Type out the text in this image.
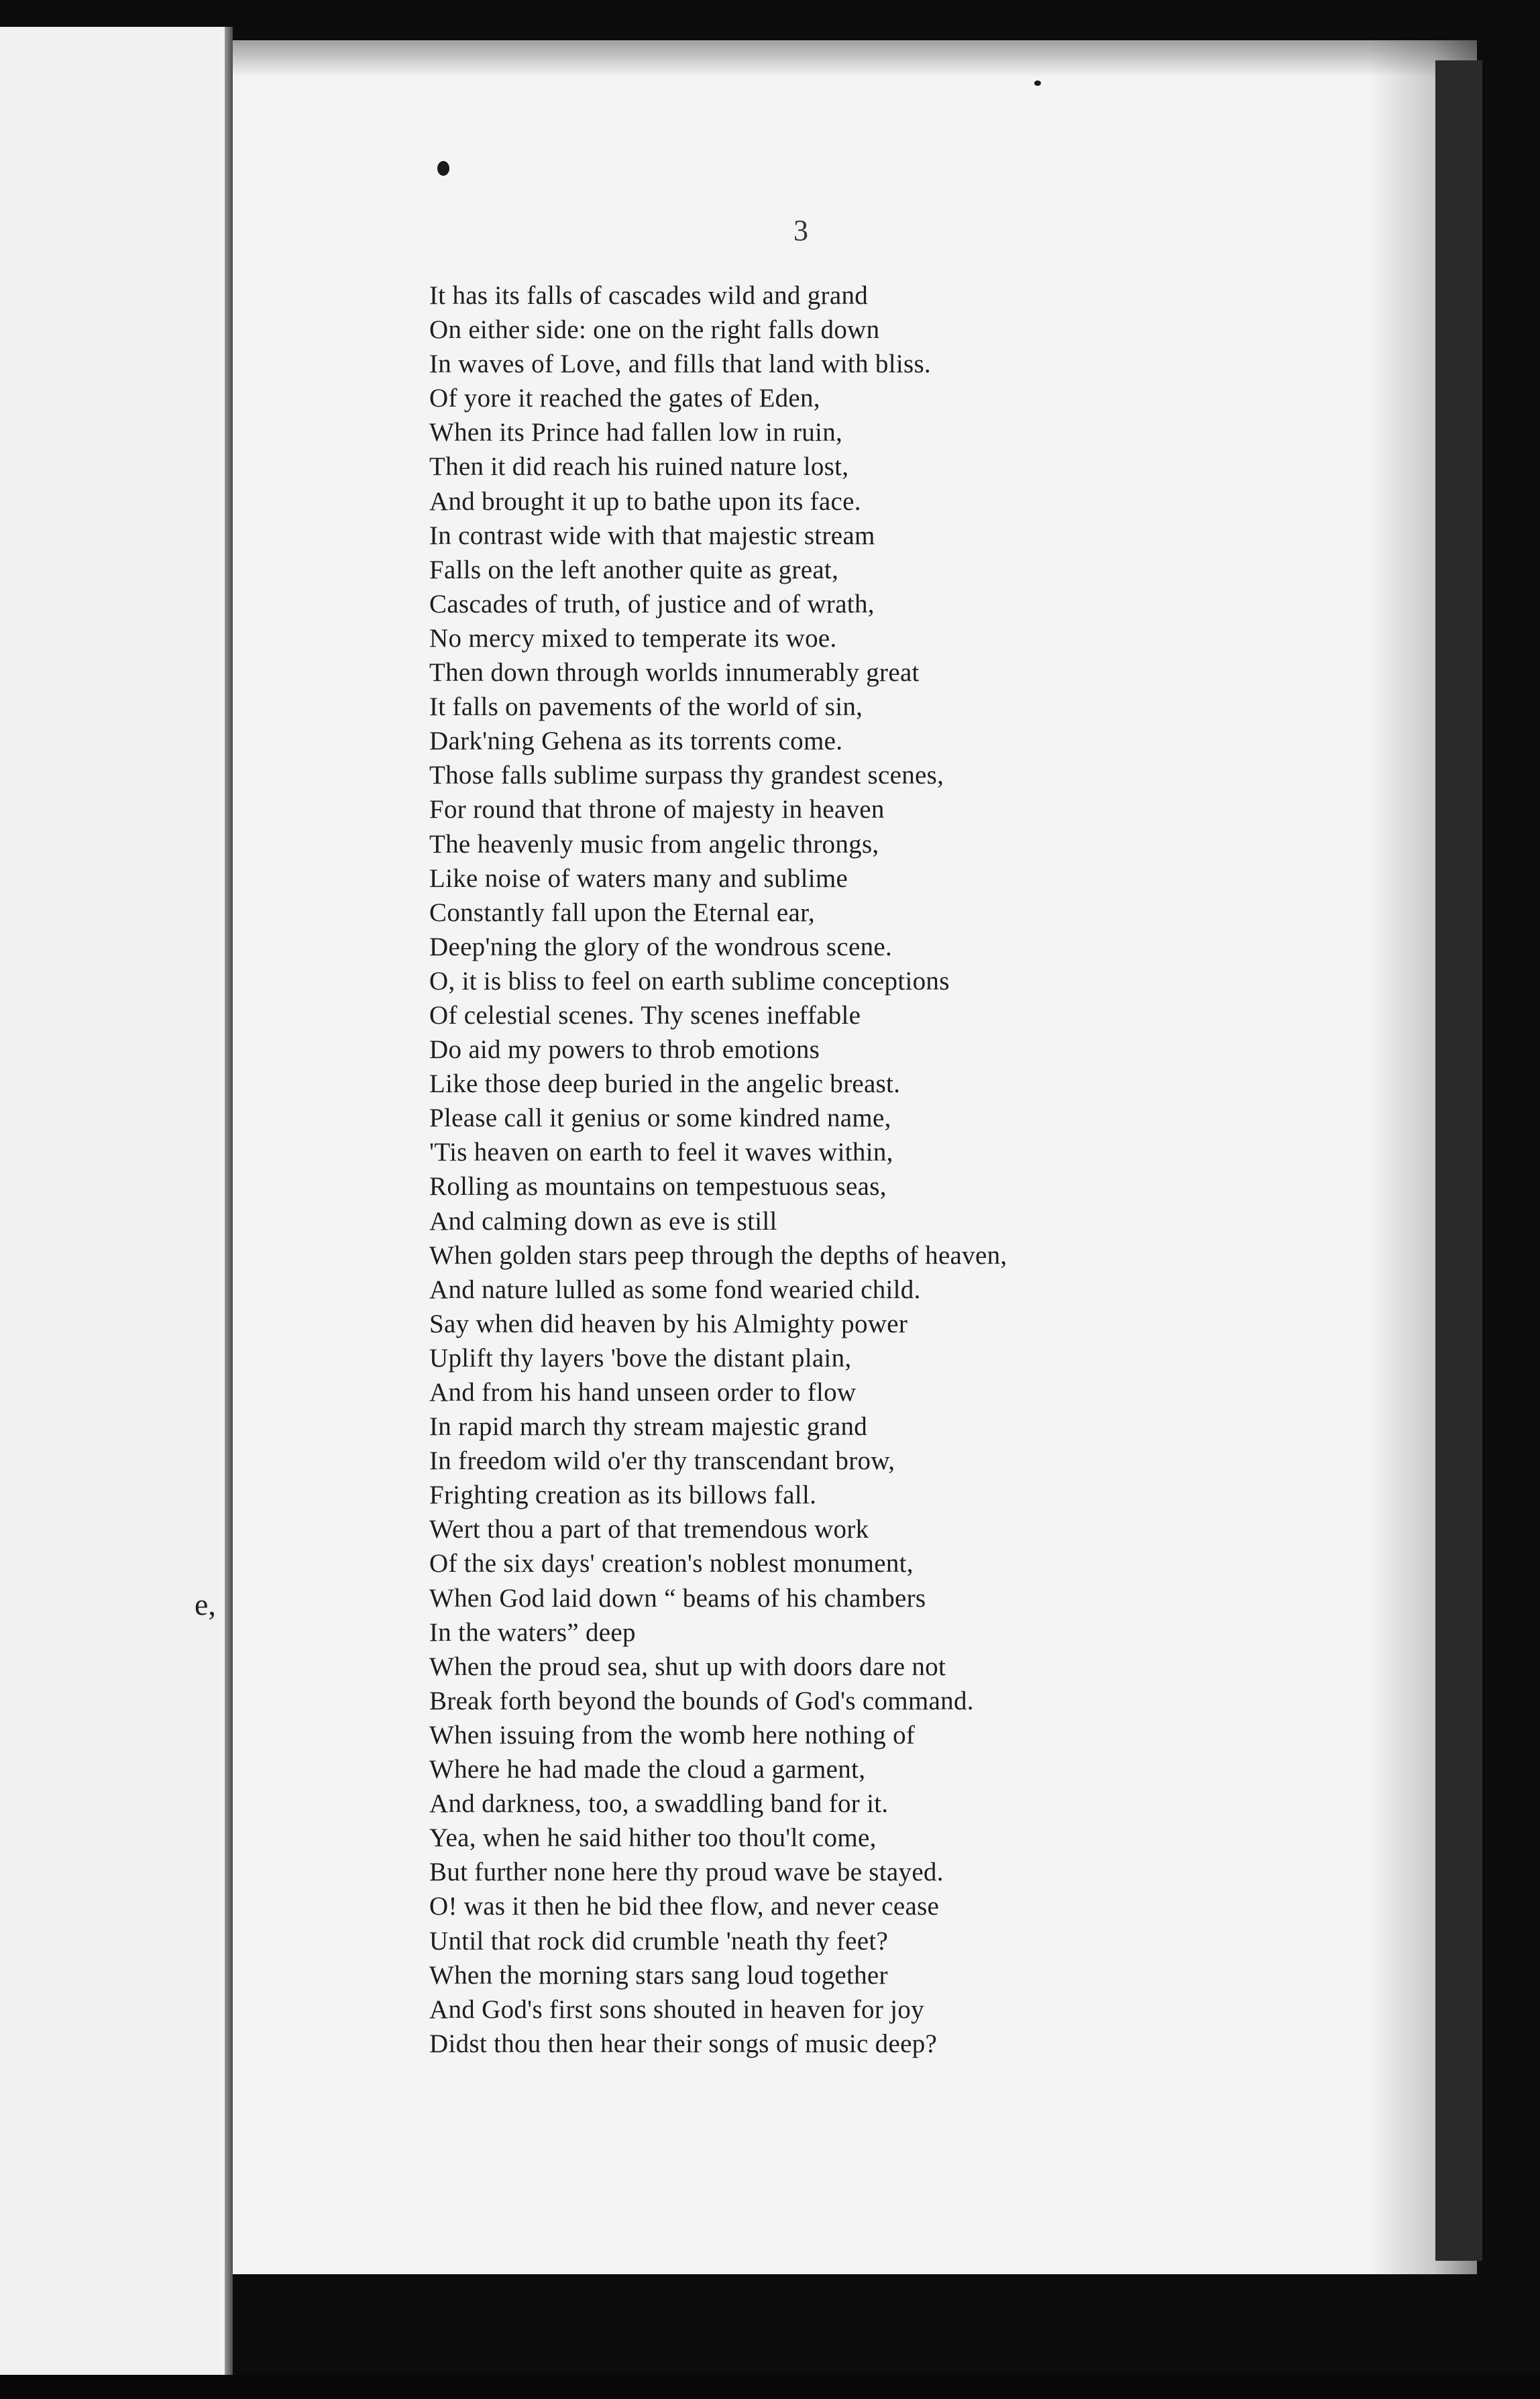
e,
3
It has its falls of cascades wild and grand
On either side: one on the right falls down
In waves of Love, and fills that land with bliss.
Of yore it reached the gates of Eden,
When its Prince had fallen low in ruin,
Then it did reach his ruined nature lost,
And brought it up to bathe upon its face.
In contrast wide with that majestic stream
Falls on the left another quite as great,
Cascades of truth, of justice and of wrath,
No mercy mixed to temperate its woe.
Then down through worlds innumerably great
It falls on pavements of the world of sin,
Dark'ning Gehena as its torrents come.
Those falls sublime surpass thy grandest scenes,
For round that throne of majesty in heaven
The heavenly music from angelic throngs,
Like noise of waters many and sublime
Constantly fall upon the Eternal ear,
Deep'ning the glory of the wondrous scene.
O, it is bliss to feel on earth sublime conceptions
Of celestial scenes. Thy scenes ineffable
Do aid my powers to throb emotions
Like those deep buried in the angelic breast.
Please call it genius or some kindred name,
'Tis heaven on earth to feel it waves within,
Rolling as mountains on tempestuous seas,
And calming down as eve is still
When golden stars peep through the depths of heaven,
And nature lulled as some fond wearied child.
Say when did heaven by his Almighty power
Uplift thy layers 'bove the distant plain,
And from his hand unseen order to flow
In rapid march thy stream majestic grand
In freedom wild o'er thy transcendant brow,
Frighting creation as its billows fall.
Wert thou a part of that tremendous work
Of the six days' creation's noblest monument,
When God laid down “ beams of his chambers
In the waters” deep
When the proud sea, shut up with doors dare not
Break forth beyond the bounds of God's command.
When issuing from the womb here nothing of
Where he had made the cloud a garment,
And darkness, too, a swaddling band for it.
Yea, when he said hither too thou'lt come,
But further none here thy proud wave be stayed.
O! was it then he bid thee flow, and never cease
Until that rock did crumble 'neath thy feet?
When the morning stars sang loud together
And God's first sons shouted in heaven for joy
Didst thou then hear their songs of music deep?
